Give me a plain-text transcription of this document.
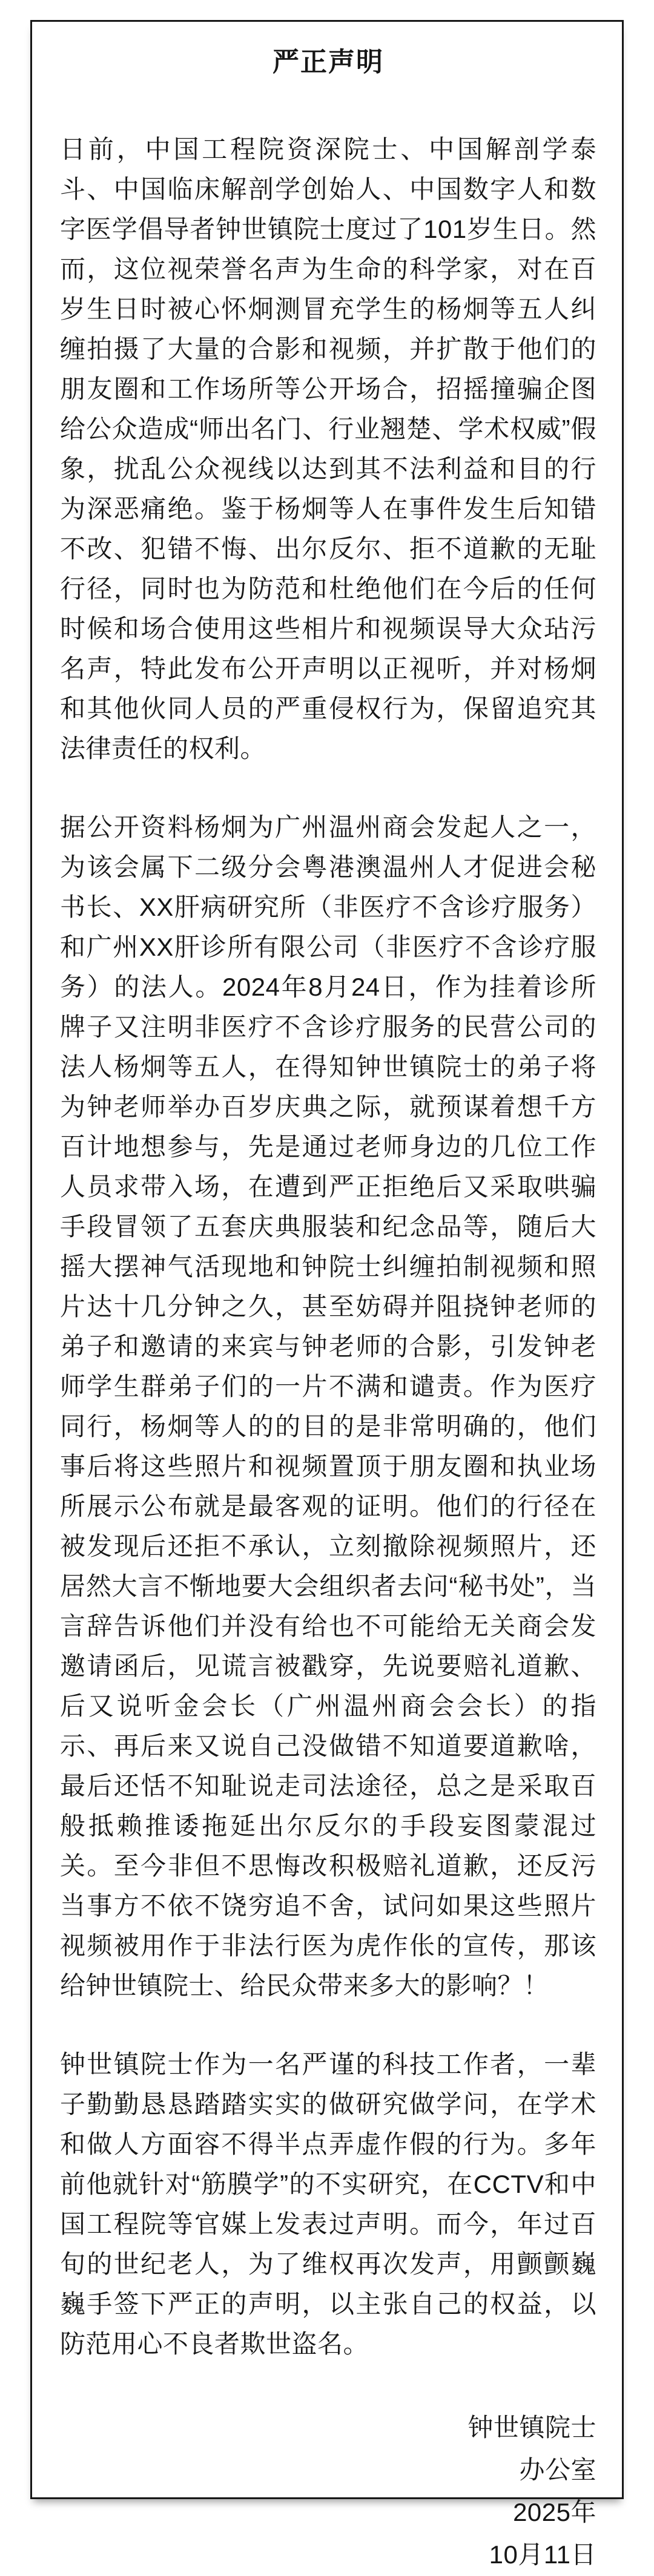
严正声明

日前，中国工程院资深院士、中国解剖学泰斗、中国临床解剖学创始人、中国数字人和数字医学倡导者钟世镇院士度过了101岁生日。然而，这位视荣誉名声为生命的科学家，对在百岁生日时被心怀炯测冒充学生的杨炯等五人纠缠拍摄了大量的合影和视频，并扩散于他们的朋友圈和工作场所等公开场合，招摇撞骗企图给公众造成“师出名门、行业翘楚、学术权威”假象，扰乱公众视线以达到其不法利益和目的行为深恶痛绝。鉴于杨炯等人在事件发生后知错不改、犯错不悔、出尔反尔、拒不道歉的无耻行径，同时也为防范和杜绝他们在今后的任何时候和场合使用这些相片和视频误导大众玷污名声，特此发布公开声明以正视听，并对杨炯和其他伙同人员的严重侵权行为，保留追究其法律责任的权利。

据公开资料杨炯为广州温州商会发起人之一，为该会属下二级分会粤港澳温州人才促进会秘书长、XX肝病研究所（非医疗不含诊疗服务）和广州XX肝诊所有限公司（非医疗不含诊疗服务）的法人。2024年8月24日，作为挂着诊所牌子又注明非医疗不含诊疗服务的民营公司的法人杨炯等五人，在得知钟世镇院士的弟子将为钟老师举办百岁庆典之际，就预谋着想千方百计地想参与，先是通过老师身边的几位工作人员求带入场，在遭到严正拒绝后又采取哄骗手段冒领了五套庆典服装和纪念品等，随后大摇大摆神气活现地和钟院士纠缠拍制视频和照片达十几分钟之久，甚至妨碍并阻挠钟老师的弟子和邀请的来宾与钟老师的合影，引发钟老师学生群弟子们的一片不满和谴责。作为医疗同行，杨炯等人的的目的是非常明确的，他们事后将这些照片和视频置顶于朋友圈和执业场所展示公布就是最客观的证明。他们的行径在被发现后还拒不承认，立刻撤除视频照片，还居然大言不惭地要大会组织者去问“秘书处”，当言辞告诉他们并没有给也不可能给无关商会发邀请函后，见谎言被戳穿，先说要赔礼道歉、后又说听金会长（广州温州商会会长）的指示、再后来又说自己没做错不知道要道歉啥，最后还恬不知耻说走司法途径，总之是采取百般抵赖推诿拖延出尔反尔的手段妄图蒙混过关。至今非但不思悔改积极赔礼道歉，还反污当事方不依不饶穷追不舍，试问如果这些照片视频被用作于非法行医为虎作伥的宣传，那该给钟世镇院士、给民众带来多大的影响？！

钟世镇院士作为一名严谨的科技工作者，一辈子勤勤恳恳踏踏实实的做研究做学问，在学术和做人方面容不得半点弄虚作假的行为。多年前他就针对“筋膜学”的不实研究，在CCTV和中国工程院等官媒上发表过声明。而今，年过百旬的世纪老人，为了维权再次发声，用颤颤巍巍手签下严正的声明，以主张自己的权益，以防范用心不良者欺世盗名。

钟世镇院士
办公室
2025年
10月11日
